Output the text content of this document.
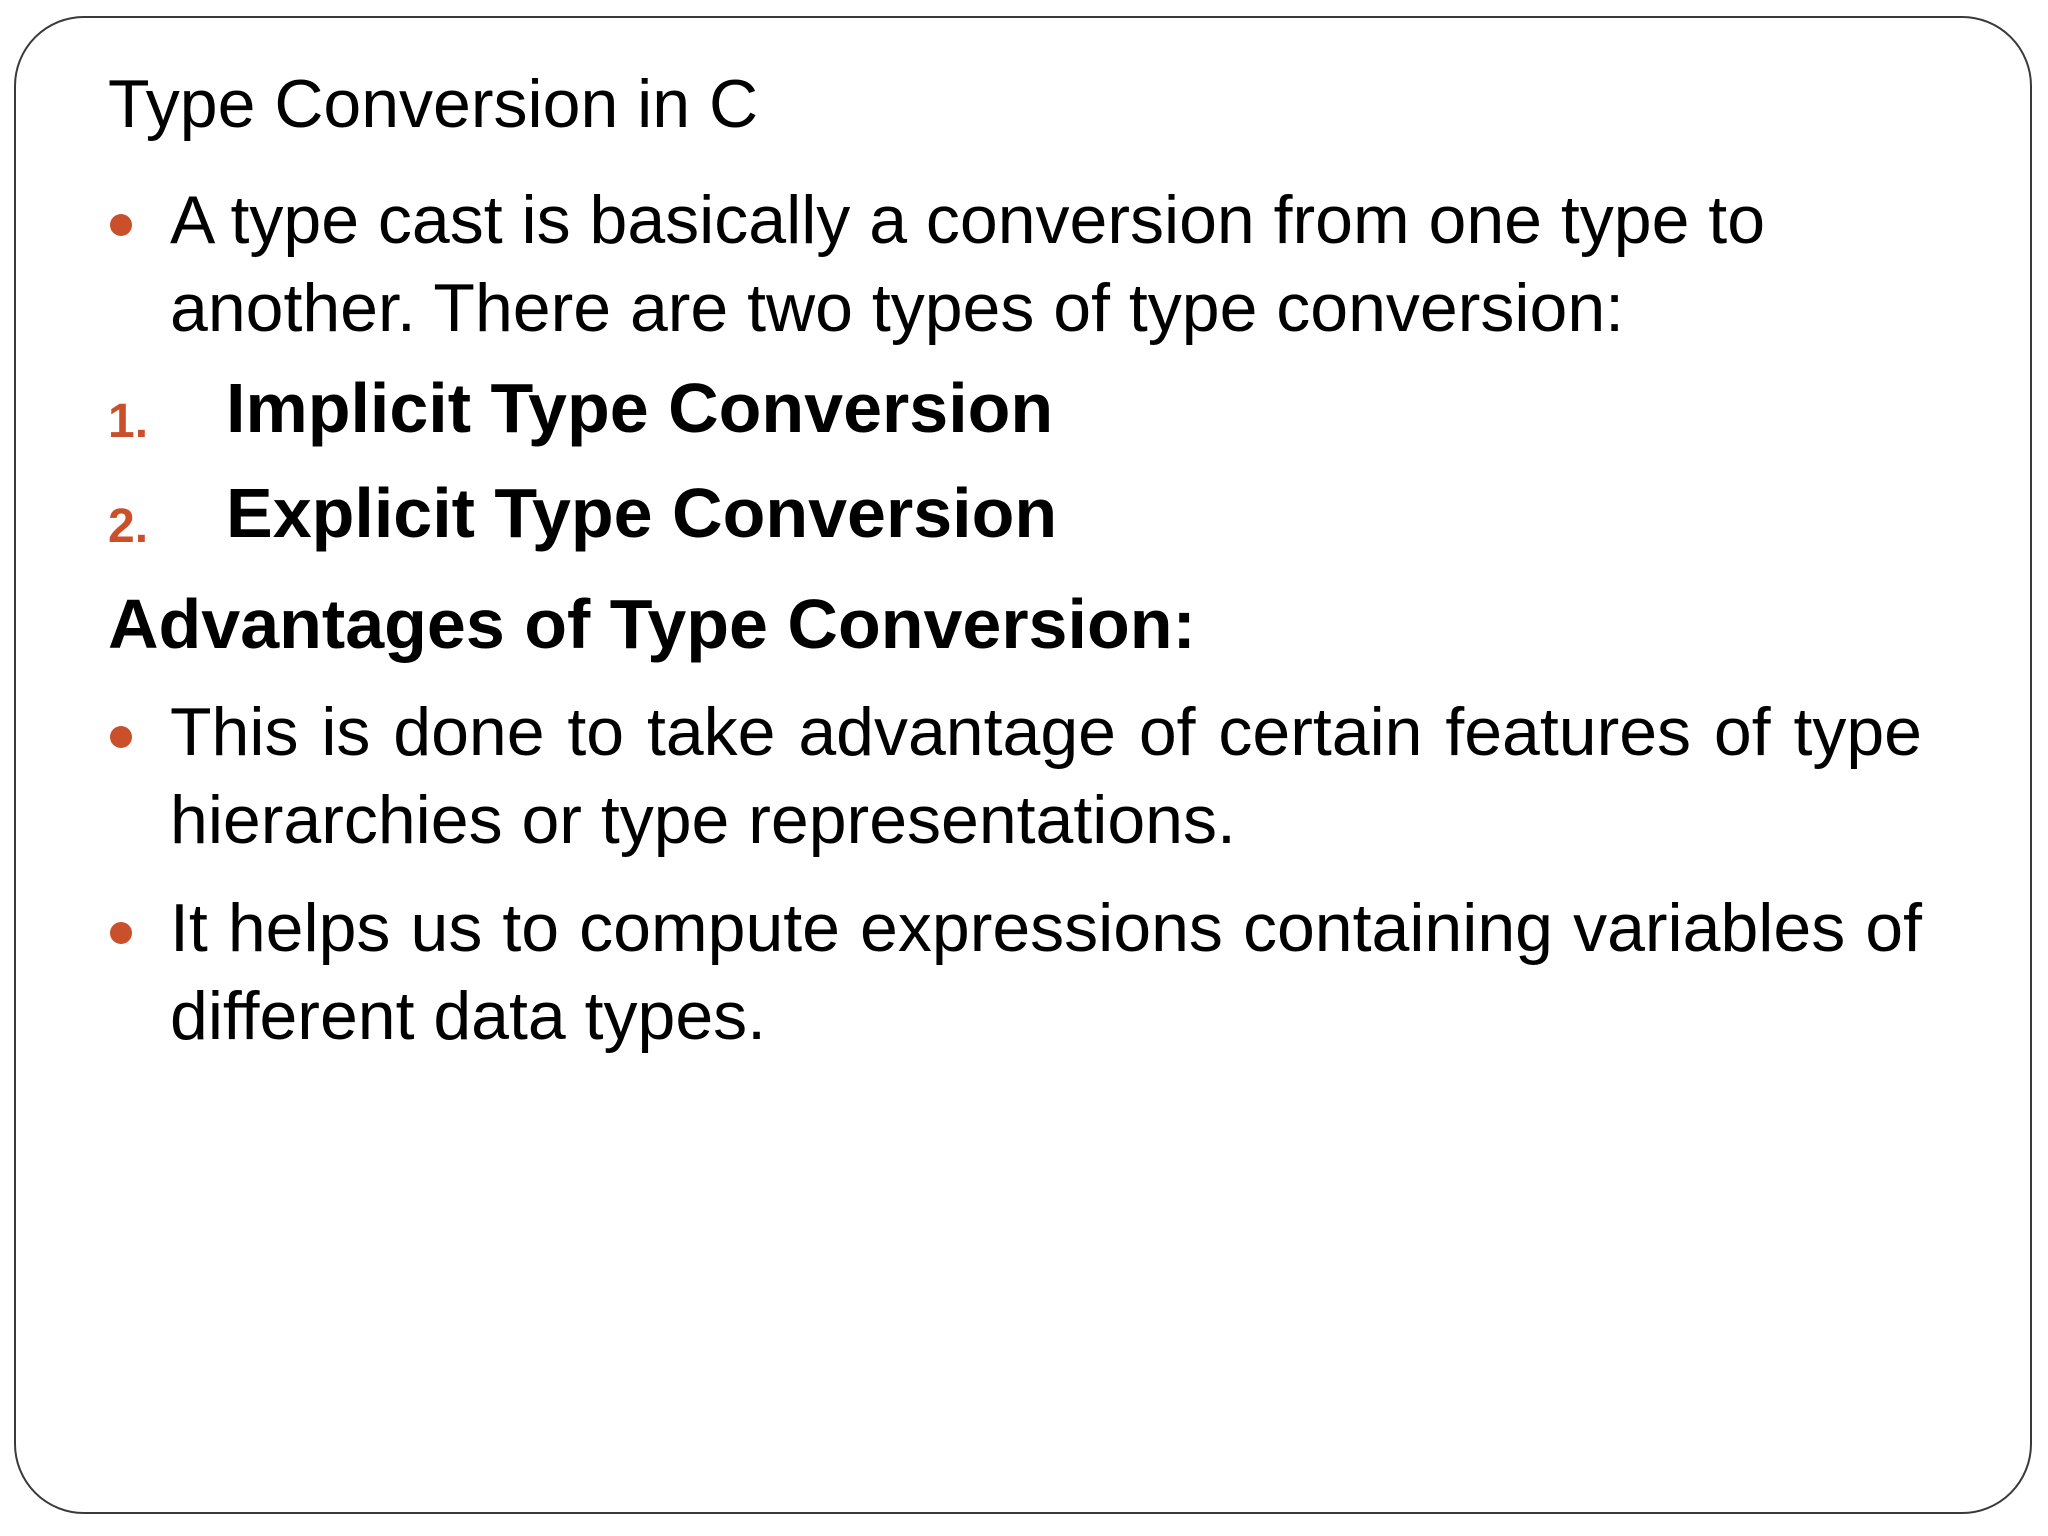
Type Conversion in C
A type cast is basically a conversion from one type to another. There are two types of type conversion:
1. Implicit Type Conversion
2. Explicit Type Conversion
Advantages of Type Conversion:
This is done to take advantage of certain features of type hierarchies or type representations.
It helps us to compute expressions containing variables of different data types.
